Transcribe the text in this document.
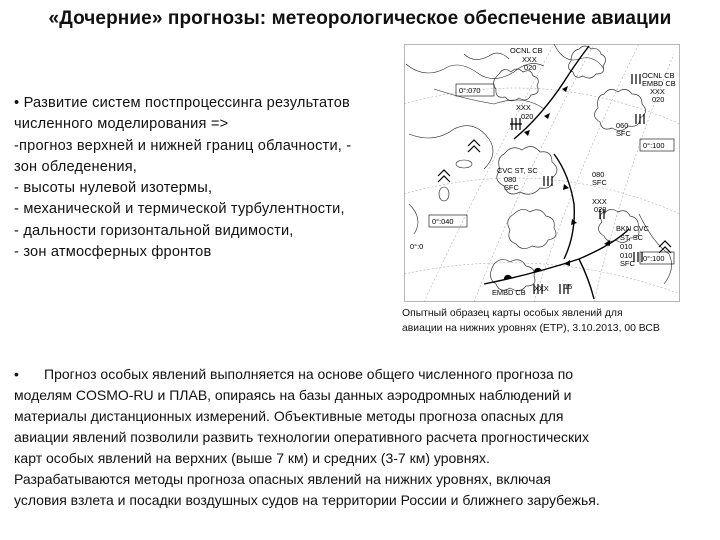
«Дочерние» прогнозы: метеорологическое обеспечение авиации
• Развитие систем постпроцессинга результатов
численного моделирования =>
-прогноз верхней и нижней границ облачности, -
зон обледенения,
- высоты нулевой изотермы,
- механической и термической турбулентности,
- дальности горизонтальной видимости,
- зон атмосферных фронтов
OCNL CB
XXX
020
OCNL CB
EMBD CB
XXX
020
0°:070
XXX
020
060
SFC
0°:100
CVC ST, SC
080
SFC
080
SFC
0°:040
0°:0
XXX
020
BKN CVC
ST, SC
010
0°:100
010
SFC
EMBD CB XXX 15
Опытный образец карты особых явлений для
авиации на нижних уровнях (ЕТР), 3.10.2013, 00 ВСВ
• Прогноз особых явлений выполняется на основе общего численного прогноза по
моделям COSMO-RU и ПЛАВ, опираясь на базы данных аэродромных наблюдений и
материалы дистанционных измерений. Объективные методы прогноза опасных для
авиации явлений позволили развить технологии оперативного расчета прогностических
карт особых явлений на верхних (выше 7 км) и средних (3-7 км) уровнях.
Разрабатываются методы прогноза опасных явлений на нижних уровнях, включая
условия взлета и посадки воздушных судов на территории России и ближнего зарубежья.
